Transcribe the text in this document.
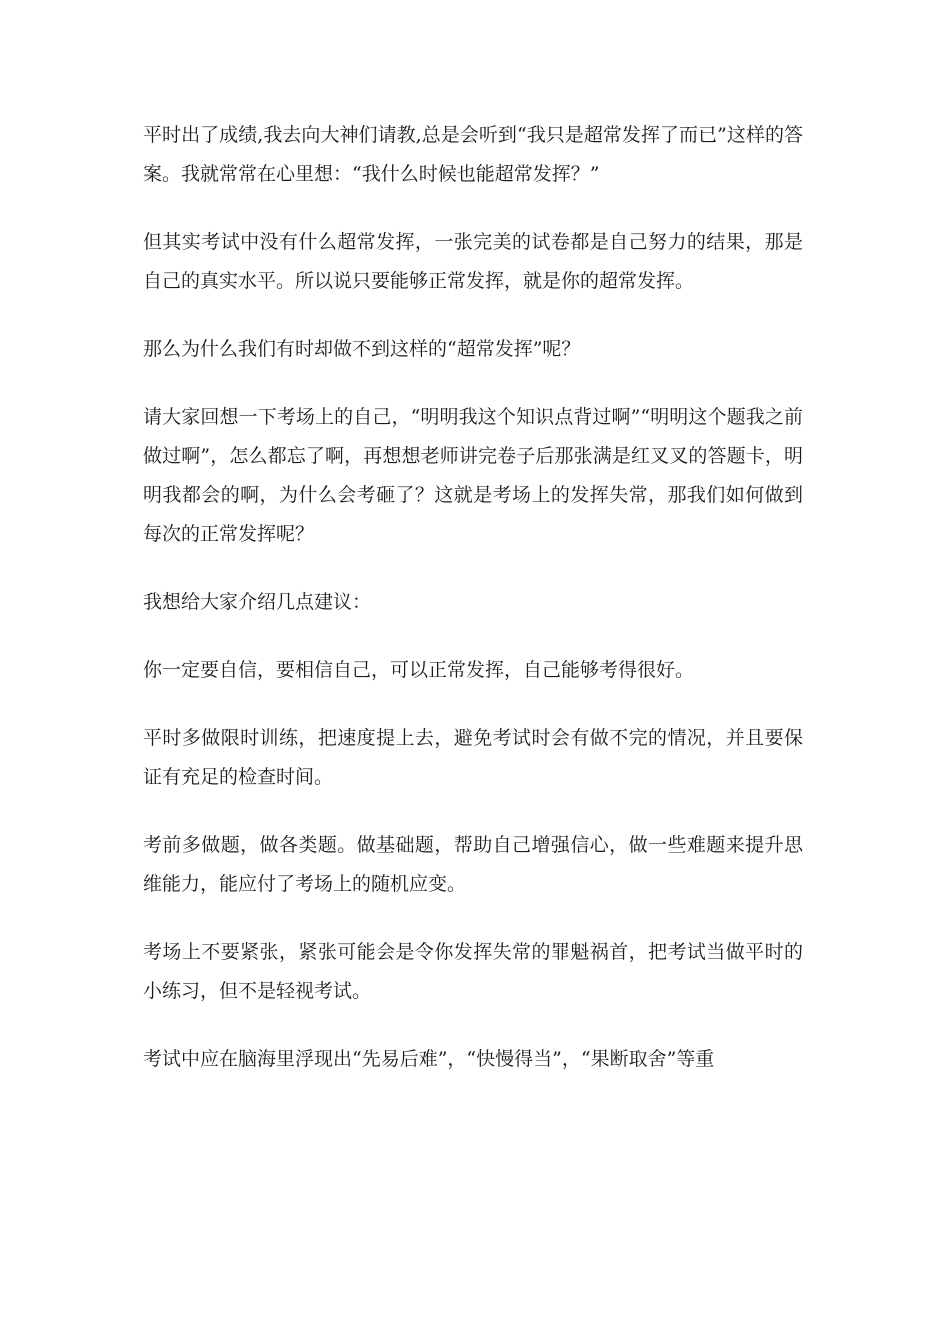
平时出了成绩,我去向大神们请教,总是会听到“我只是超常发挥了而已”这样的答案。我就常常在心里想：“我什么时候也能超常发挥？”

但其实考试中没有什么超常发挥，一张完美的试卷都是自己努力的结果，那是自己的真实水平。所以说只要能够正常发挥，就是你的超常发挥。

那么为什么我们有时却做不到这样的“超常发挥”呢？

请大家回想一下考场上的自己，“明明我这个知识点背过啊”“明明这个题我之前做过啊”，怎么都忘了啊，再想想老师讲完卷子后那张满是红叉叉的答题卡，明明我都会的啊，为什么会考砸了？这就是考场上的发挥失常，那我们如何做到每次的正常发挥呢？

我想给大家介绍几点建议：

你一定要自信，要相信自己，可以正常发挥，自己能够考得很好。

平时多做限时训练，把速度提上去，避免考试时会有做不完的情况，并且要保证有充足的检查时间。

考前多做题，做各类题。做基础题，帮助自己增强信心，做一些难题来提升思维能力，能应付了考场上的随机应变。

考场上不要紧张，紧张可能会是令你发挥失常的罪魁祸首，把考试当做平时的小练习，但不是轻视考试。

考试中应在脑海里浮现出“先易后难”，“快慢得当”，“果断取舍”等重
